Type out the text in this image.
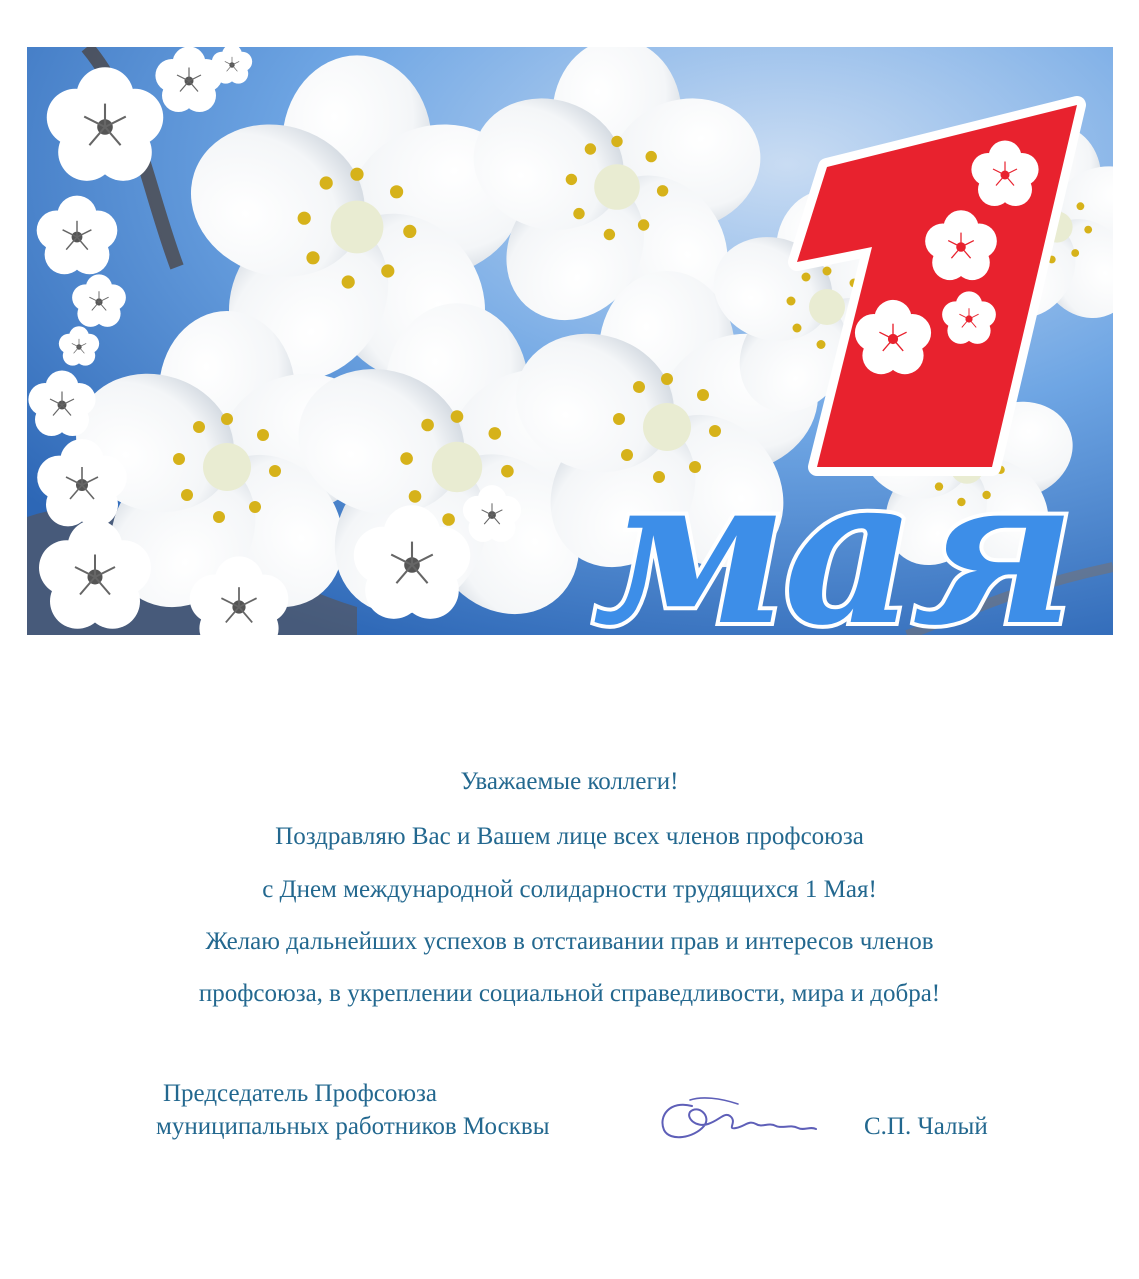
мая
Уважаемые коллеги!
Поздравляю Вас и Вашем лице всех членов профсоюза
с Днем международной солидарности трудящихся 1 Мая!
Желаю дальнейших успехов в отстаивании прав и интересов членов
профсоюза, в укреплении социальной справедливости, мира и добра!
Председатель Профсоюза
муниципальных работников Москвы	С.П. Чалый
